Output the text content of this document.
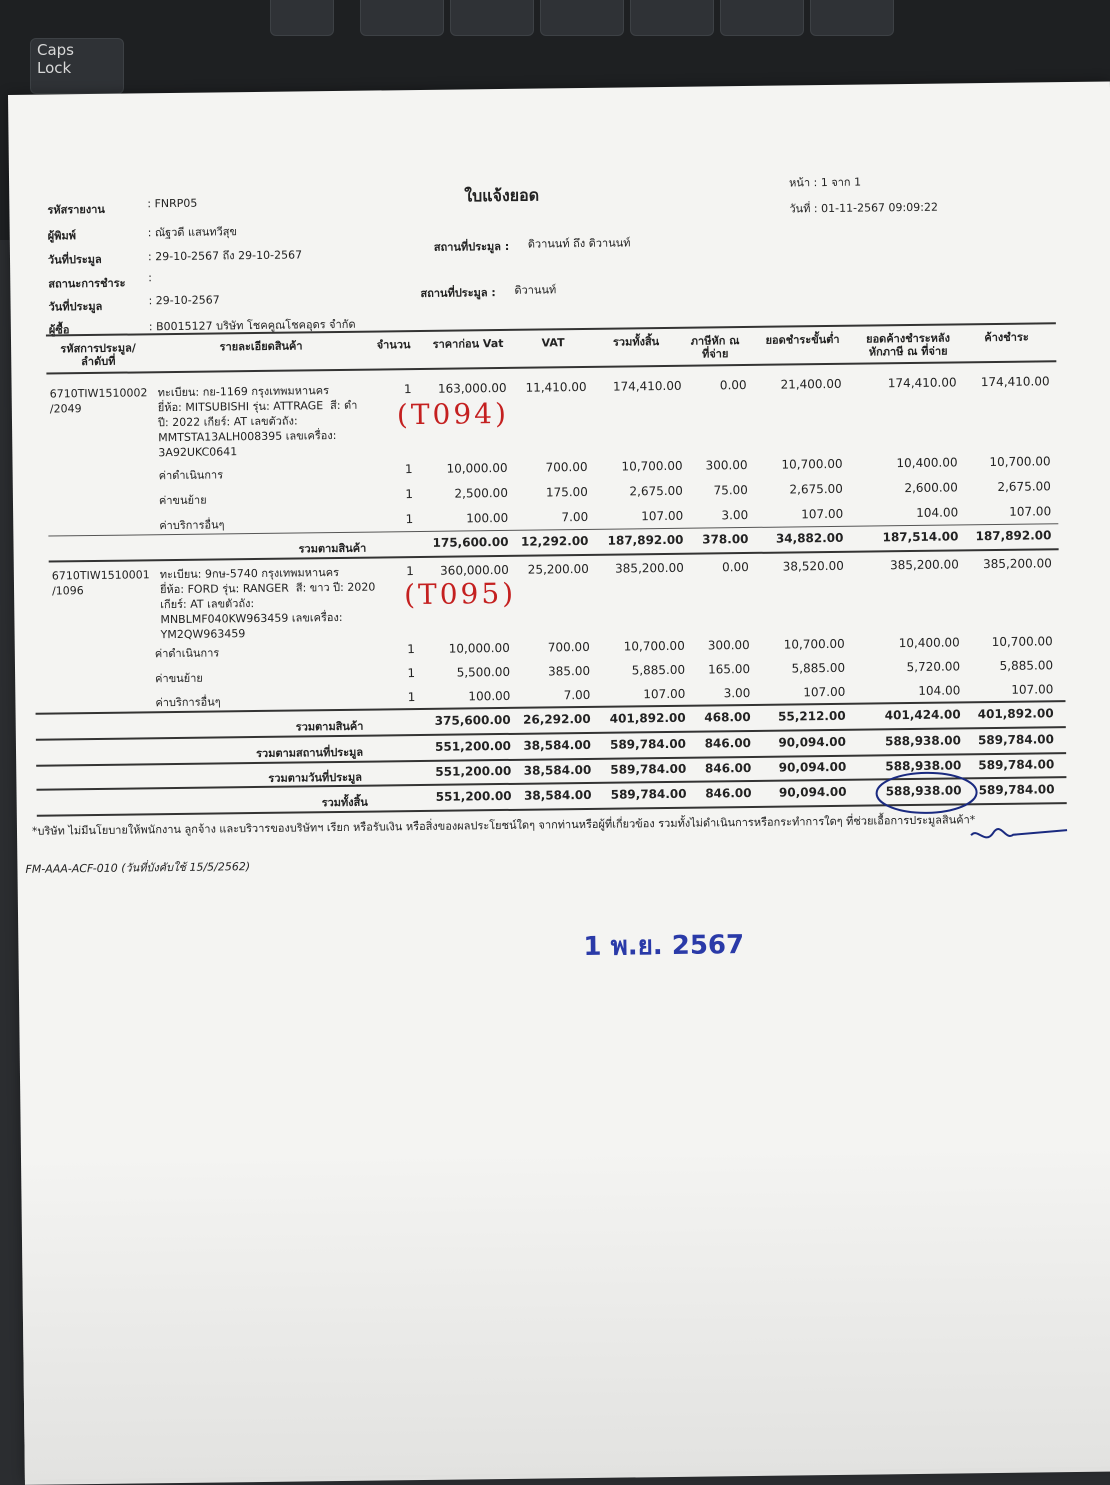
Caps
Lock
ใบแจ้งยอด
หน้า : 1 จาก 1
วันที่ : 01-11-2567 09:09:22
รหัสรายงาน	: FNRP05
ผู้พิมพ์	: ณัฐวดี แสนทวีสุข
วันที่ประมูล	: 29-10-2567 ถึง 29-10-2567
สถานะการชำระ :
วันที่ประมูล	: 29-10-2567
ผู้ซื้อ	: B0015127 บริษัท โชคคูณโชคอุดร จำกัด
สถานที่ประมูล : ดิวานนท์ ถึง ดิวานนท์
สถานที่ประมูล : ดิวานนท์
รหัสการประมูล/
ลำดับที่
รายละเอียดสินค้า	จำนวน	ราคาก่อน Vat	VAT	รวมทั้งสิ้น	ภาษีหัก ณ
ที่จ่าย
ยอดชำระขั้นต่ำ	ยอดค้างชำระหลัง
หักภาษี ณ ที่จ่าย
ค้างชำระ
6710TIW1510002
/2049
ทะเบียน: กย-1169 กรุงเทพมหานคร
ยี่ห้อ: MITSUBISHI รุ่น: ATTRAGE  สี: ดำ
ปี: 2022 เกียร์: AT เลขตัวถัง:
MMTSTA13ALH008395 เลขเครื่อง:
3A92UKC0641
(T094)
1	163,000.00	11,410.00	174,410.00	0.00	21,400.00	174,410.00	174,410.00
ค่าดำเนินการ	1	10,000.00	700.00	10,700.00	300.00	10,700.00	10,400.00	10,700.00
ค่าขนย้าย	1	2,500.00	175.00	2,675.00	75.00	2,675.00	2,600.00	2,675.00
ค่าบริการอื่นๆ	1	100.00	7.00	107.00	3.00	107.00	104.00	107.00
รวมตามสินค้า	175,600.00	12,292.00	187,892.00	378.00	34,882.00	187,514.00	187,892.00
6710TIW1510001
/1096
ทะเบียน: 9กษ-5740 กรุงเทพมหานคร
ยี่ห้อ: FORD รุ่น: RANGER  สี: ขาว ปี: 2020
เกียร์: AT เลขตัวถัง:
MNBLMF040KW963459 เลขเครื่อง:
YM2QW963459
(T095)
1	360,000.00	25,200.00	385,200.00	0.00	38,520.00	385,200.00	385,200.00
ค่าดำเนินการ	1	10,000.00	700.00	10,700.00	300.00	10,700.00	10,400.00	10,700.00
ค่าขนย้าย	1	5,500.00	385.00	5,885.00	165.00	5,885.00	5,720.00	5,885.00
ค่าบริการอื่นๆ	1	100.00	7.00	107.00	3.00	107.00	104.00	107.00
รวมตามสินค้า	375,600.00	26,292.00	401,892.00	468.00	55,212.00	401,424.00	401,892.00
รวมตามสถานที่ประมูล	551,200.00	38,584.00	589,784.00	846.00	90,094.00	588,938.00	589,784.00
รวมตามวันที่ประมูล	551,200.00	38,584.00	589,784.00	846.00	90,094.00	588,938.00	589,784.00
รวมทั้งสิ้น	551,200.00	38,584.00	589,784.00	846.00	90,094.00	588,938.00	589,784.00
*บริษัท ไม่มีนโยบายให้พนักงาน ลูกจ้าง และบริวารของบริษัทฯ เรียก หรือรับเงิน หรือสิ่งของผลประโยชน์ใดๆ จากท่านหรือผู้ที่เกี่ยวข้อง รวมทั้งไม่ดำเนินการหรือกระทำการใดๆ ที่ช่วยเอื้อการประมูลสินค้า*
FM-AAA-ACF-010 (วันที่บังคับใช้ 15/5/2562)
1 พ.ย. 2567
